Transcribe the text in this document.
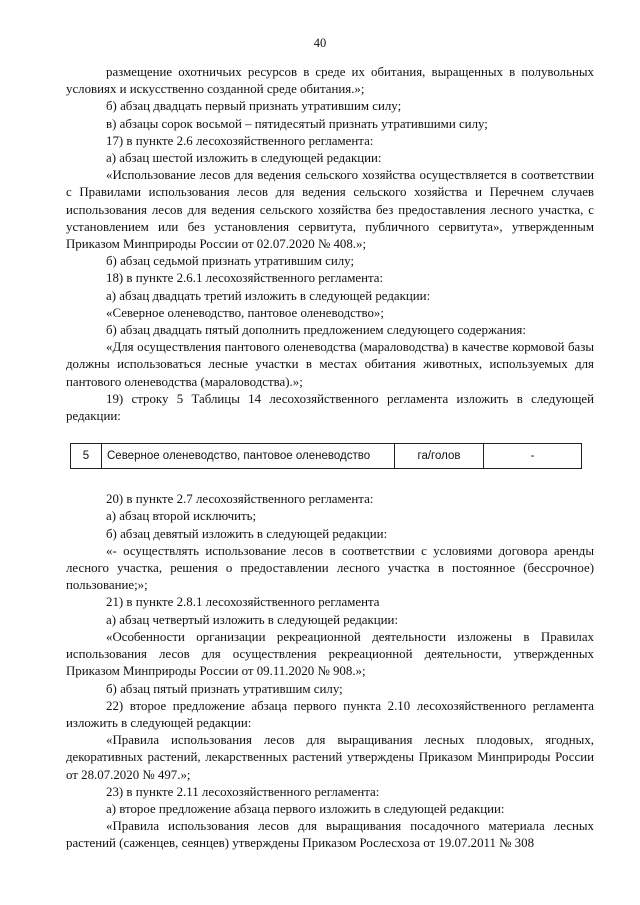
40

размещение охотничьих ресурсов в среде их обитания, выращенных в полувольных условиях и искусственно созданной среде обитания.»;

б) абзац двадцать первый признать утратившим силу;

в) абзацы сорок восьмой – пятидесятый признать утратившими силу;

17) в пункте 2.6 лесохозяйственного регламента:

а) абзац шестой изложить в следующей редакции:

«Использование лесов для ведения сельского хозяйства осуществляется в соответствии с Правилами использования лесов для ведения сельского хозяйства и Перечнем случаев использования лесов для ведения сельского хозяйства без предоставления лесного участка, с установлением или без установления сервитута, публичного сервитута», утвержденным Приказом Минприроды России от 02.07.2020 № 408.»;

б) абзац седьмой признать утратившим силу;

18) в пункте 2.6.1 лесохозяйственного регламента:

а) абзац двадцать третий изложить в следующей редакции:

«Северное оленеводство, пантовое оленеводство»;

б) абзац двадцать пятый дополнить предложением следующего содержания:

«Для осуществления пантового оленеводства (мараловодства) в качестве кормовой базы должны использоваться лесные участки в местах обитания животных, используемых для пантового оленеводства (мараловодства).»;

19) строку 5 Таблицы 14 лесохозяйственного регламента изложить в следующей редакции:

5	Северное оленеводство, пантовое оленеводство	га/голов	-

20) в пункте 2.7 лесохозяйственного регламента:

а) абзац второй исключить;

б) абзац девятый изложить в следующей редакции:

«- осуществлять использование лесов в соответствии с условиями договора аренды лесного участка, решения о предоставлении лесного участка в постоянное (бессрочное) пользование;»;

21) в пункте 2.8.1 лесохозяйственного регламента

а) абзац четвертый изложить в следующей редакции:

«Особенности организации рекреационной деятельности изложены в Правилах использования лесов для осуществления рекреационной деятельности, утвержденных Приказом Минприроды России от 09.11.2020 № 908.»;

б) абзац пятый признать утратившим силу;

22) второе предложение абзаца первого пункта 2.10 лесохозяйственного регламента изложить в следующей редакции:

«Правила использования лесов для выращивания лесных плодовых, ягодных, декоративных растений, лекарственных растений утверждены Приказом Минприроды России от 28.07.2020 № 497.»;

23) в пункте 2.11 лесохозяйственного регламента:

а) второе предложение абзаца первого изложить в следующей редакции:

«Правила использования лесов для выращивания посадочного материала лесных растений (саженцев, сеянцев) утверждены Приказом Рослесхоза от 19.07.2011 № 308
